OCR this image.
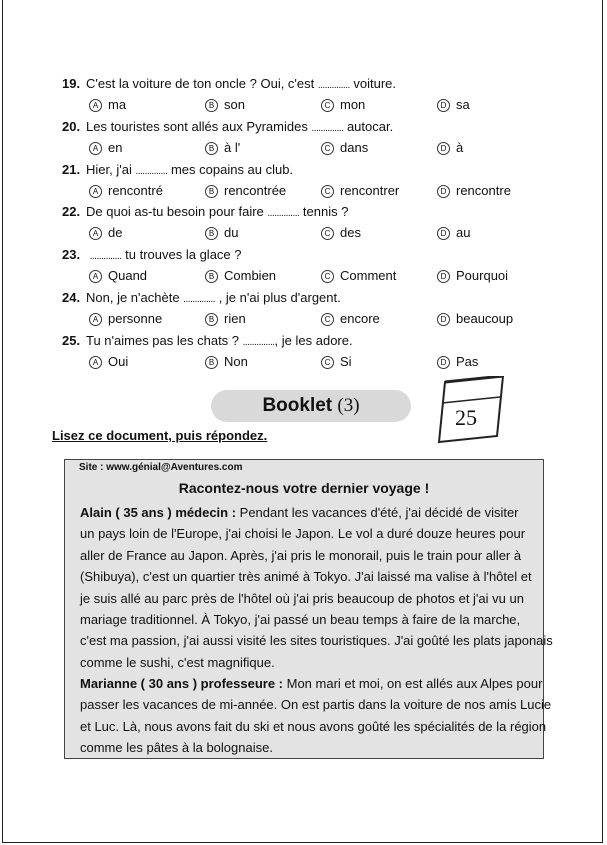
19. C'est la voiture de ton oncle ? Oui, c'est .............. voiture.
A ma	B son	C mon	D sa
20. Les touristes sont allés aux Pyramides .............. autocar.
A en	B à l'	C dans	D à
21. Hier, j'ai .............. mes copains au club.
A rencontré	B rencontrée	C rencontrer	D rencontre
22. De quoi as-tu besoin pour faire .............. tennis ?
A de	B du	C des	D au
23. .............. tu trouves la glace ?
A Quand	B Combien	C Comment	D Pourquoi
24. Non, je n'achète .............. , je n'ai plus d'argent.
A personne	B rien	C encore	D beaucoup
25. Tu n'aimes pas les chats ? .............., je les adore.
A Oui	B Non	C Si	D Pas
Booklet (3)	25
Lisez ce document, puis répondez.
Site : www.génial@Aventures.com
Racontez-nous votre dernier voyage !
Alain ( 35 ans ) médecin : Pendant les vacances d'été, j'ai décidé de visiter
un pays loin de l'Europe, j'ai choisi le Japon. Le vol a duré douze heures pour
aller de France au Japon. Après, j'ai pris le monorail, puis le train pour aller à
(Shibuya), c'est un quartier très animé à Tokyo. J'ai laissé ma valise à l'hôtel et
je suis allé au parc près de l'hôtel où j'ai pris beaucoup de photos et j'ai vu un
mariage traditionnel. À Tokyo, j'ai passé un beau temps à faire de la marche,
c'est ma passion, j'ai aussi visité les sites touristiques. J'ai goûté les plats japonais
comme le sushi, c'est magnifique.
Marianne ( 30 ans ) professeure : Mon mari et moi, on est allés aux Alpes pour
passer les vacances de mi-année. On est partis dans la voiture de nos amis Lucie
et Luc. Là, nous avons fait du ski et nous avons goûté les spécialités de la région
comme les pâtes à la bolognaise.
